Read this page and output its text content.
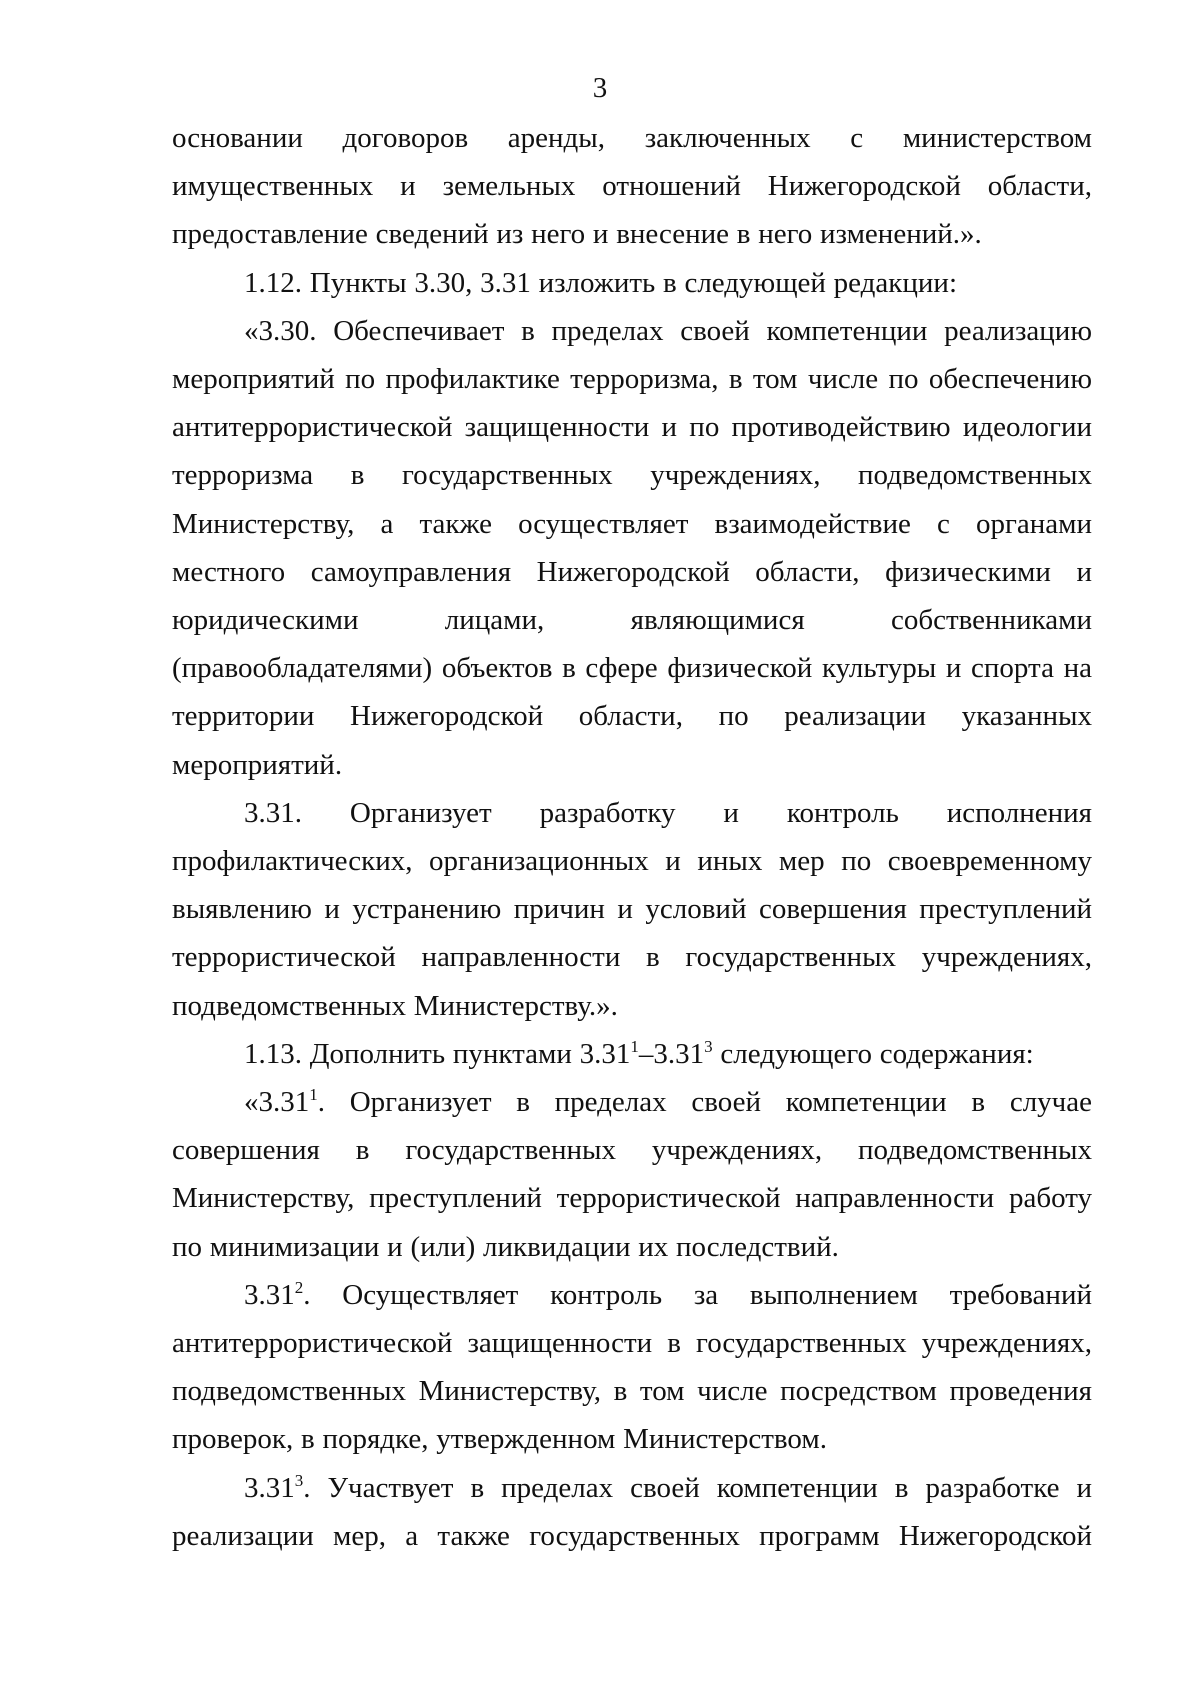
3

основании договоров аренды, заключенных с министерством имущественных и земельных отношений Нижегородской области, предоставление сведений из него и внесение в него изменений.».

1.12. Пункты 3.30, 3.31 изложить в следующей редакции:

«3.30. Обеспечивает в пределах своей компетенции реализацию мероприятий по профилактике терроризма, в том числе по обеспечению антитеррористической защищенности и по противодействию идеологии терроризма в государственных учреждениях, подведомственных Министерству, а также осуществляет взаимодействие с органами местного самоуправления Нижегородской области, физическими и юридическими лицами, являющимися собственниками (правообладателями) объектов в сфере физической культуры и спорта на территории Нижегородской области, по реализации указанных мероприятий.

3.31. Организует разработку и контроль исполнения профилактических, организационных и иных мер по своевременному выявлению и устранению причин и условий совершения преступлений террористической направленности в государственных учреждениях, подведомственных Министерству.».

1.13. Дополнить пунктами 3.31$^1$–3.31$^3$ следующего содержания:

«3.31$^1$. Организует в пределах своей компетенции в случае совершения в государственных учреждениях, подведомственных Министерству, преступлений террористической направленности работу по минимизации и (или) ликвидации их последствий.

3.31$^2$. Осуществляет контроль за выполнением требований антитеррористической защищенности в государственных учреждениях, подведомственных Министерству, в том числе посредством проведения проверок, в порядке, утвержденном Министерством.

3.31$^3$. Участвует в пределах своей компетенции в разработке и реализации мер, а также государственных программ Нижегородской
